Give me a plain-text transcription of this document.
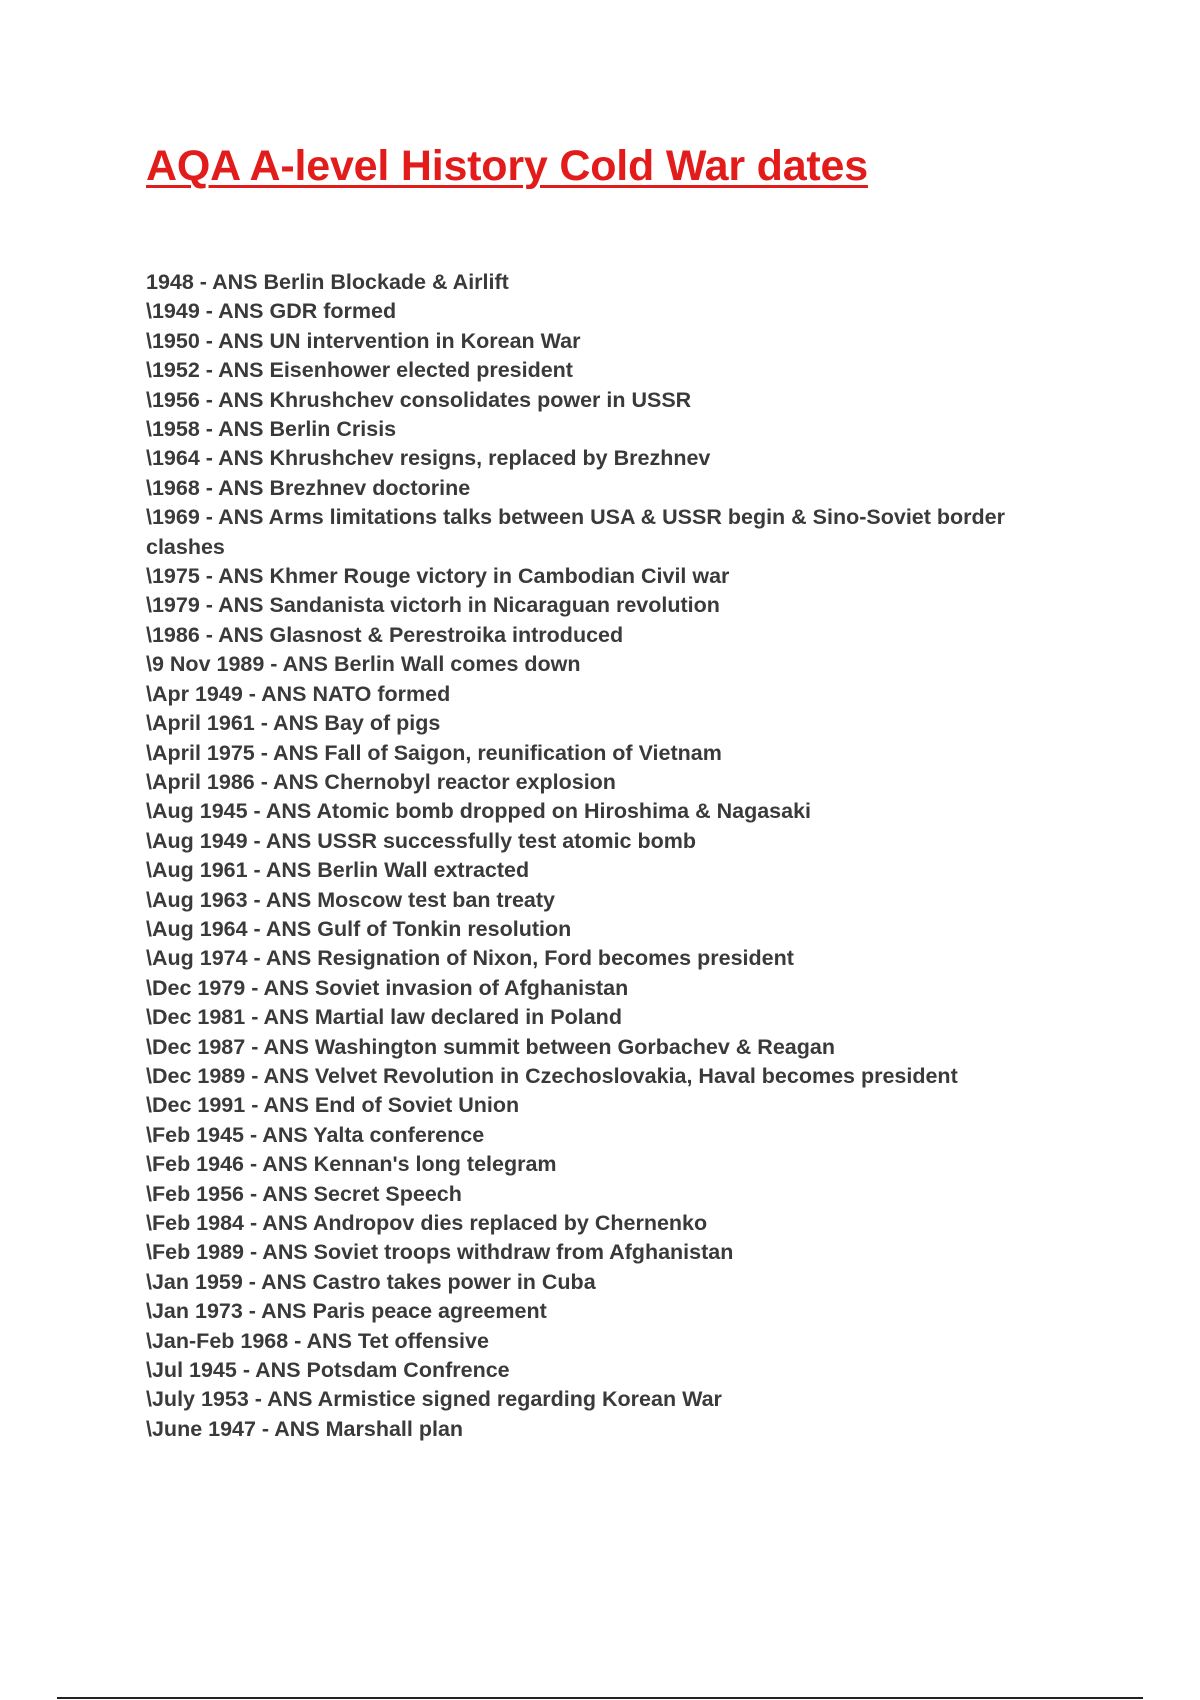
AQA A-level History Cold War dates
1948 - ANS Berlin Blockade & Airlift
\1949 - ANS GDR formed
\1950 - ANS UN intervention in Korean War
\1952 - ANS Eisenhower elected president
\1956 - ANS Khrushchev consolidates power in USSR
\1958 - ANS Berlin Crisis
\1964 - ANS Khrushchev resigns, replaced by Brezhnev
\1968 - ANS Brezhnev doctorine
\1969 - ANS Arms limitations talks between USA & USSR begin & Sino-Soviet border clashes
\1975 - ANS Khmer Rouge victory in Cambodian Civil war
\1979 - ANS Sandanista victorh in Nicaraguan revolution
\1986 - ANS Glasnost & Perestroika introduced
\9 Nov 1989 - ANS Berlin Wall comes down
\Apr 1949 - ANS NATO formed
\April 1961 - ANS Bay of pigs
\April 1975 - ANS Fall of Saigon, reunification of Vietnam
\April 1986 - ANS Chernobyl reactor explosion
\Aug 1945 - ANS Atomic bomb dropped on Hiroshima & Nagasaki
\Aug 1949 - ANS USSR successfully test atomic bomb
\Aug 1961 - ANS Berlin Wall extracted
\Aug 1963 - ANS Moscow test ban treaty
\Aug 1964 - ANS Gulf of Tonkin resolution
\Aug 1974 - ANS Resignation of Nixon, Ford becomes president
\Dec 1979 - ANS Soviet invasion of Afghanistan
\Dec 1981 - ANS Martial law declared in Poland
\Dec 1987 - ANS Washington summit between Gorbachev & Reagan
\Dec 1989 - ANS Velvet Revolution in Czechoslovakia, Haval becomes president
\Dec 1991 - ANS End of Soviet Union
\Feb 1945 - ANS Yalta conference
\Feb 1946 - ANS Kennan's long telegram
\Feb 1956 - ANS Secret Speech
\Feb 1984 - ANS Andropov dies replaced by Chernenko
\Feb 1989 - ANS Soviet troops withdraw from Afghanistan
\Jan 1959 - ANS Castro takes power in Cuba
\Jan 1973 - ANS Paris peace agreement
\Jan-Feb 1968 - ANS Tet offensive
\Jul 1945 - ANS Potsdam Confrence
\July 1953 - ANS Armistice signed regarding Korean War
\June 1947 - ANS Marshall plan
